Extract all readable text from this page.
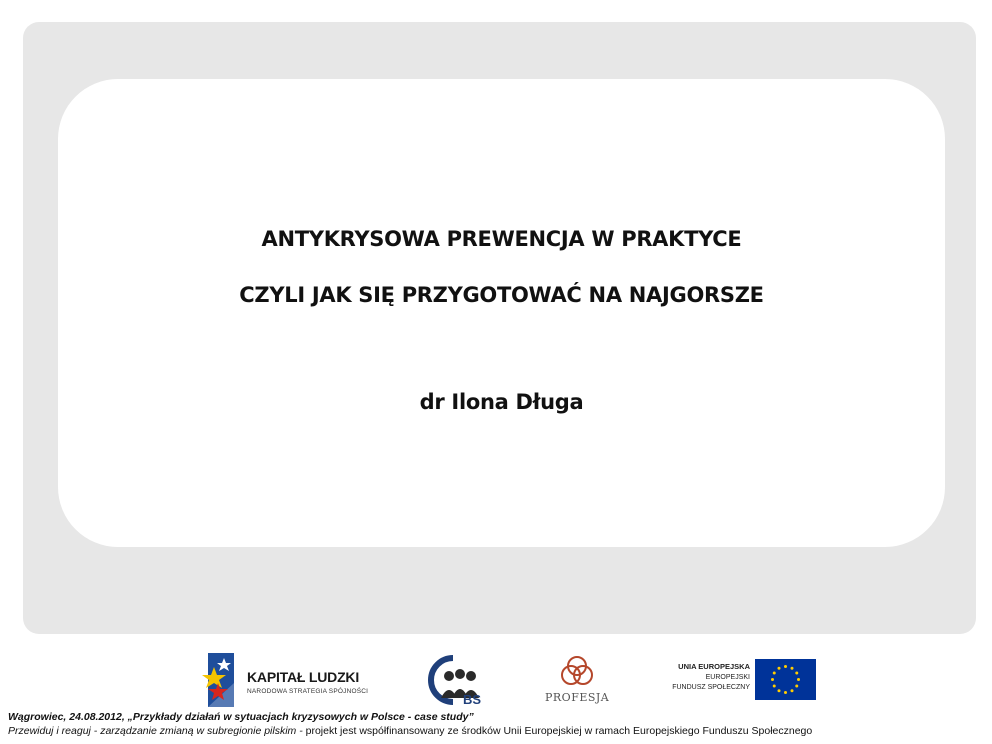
ANTYKRYSOWA PREWENCJA W PRAKTYCE
CZYLI JAK SIĘ PRZYGOTOWAĆ NA NAJGORSZE
dr Ilona Długa
KAPITAŁ LUDZKI
NARODOWA STRATEGIA SPÓJNOŚCI
BS	PROFESJA
UNIA EUROPEJSKA
EUROPEJSKI
FUNDUSZ SPOŁECZNY
Wągrowiec, 24.08.2012, „Przykłady działań w sytuacjach kryzysowych w Polsce - case study”
Przewiduj i reaguj - zarządzanie zmianą w subregionie pilskim - projekt jest współfinansowany ze środków Unii Europejskiej w ramach Europejskiego Funduszu Społecznego
